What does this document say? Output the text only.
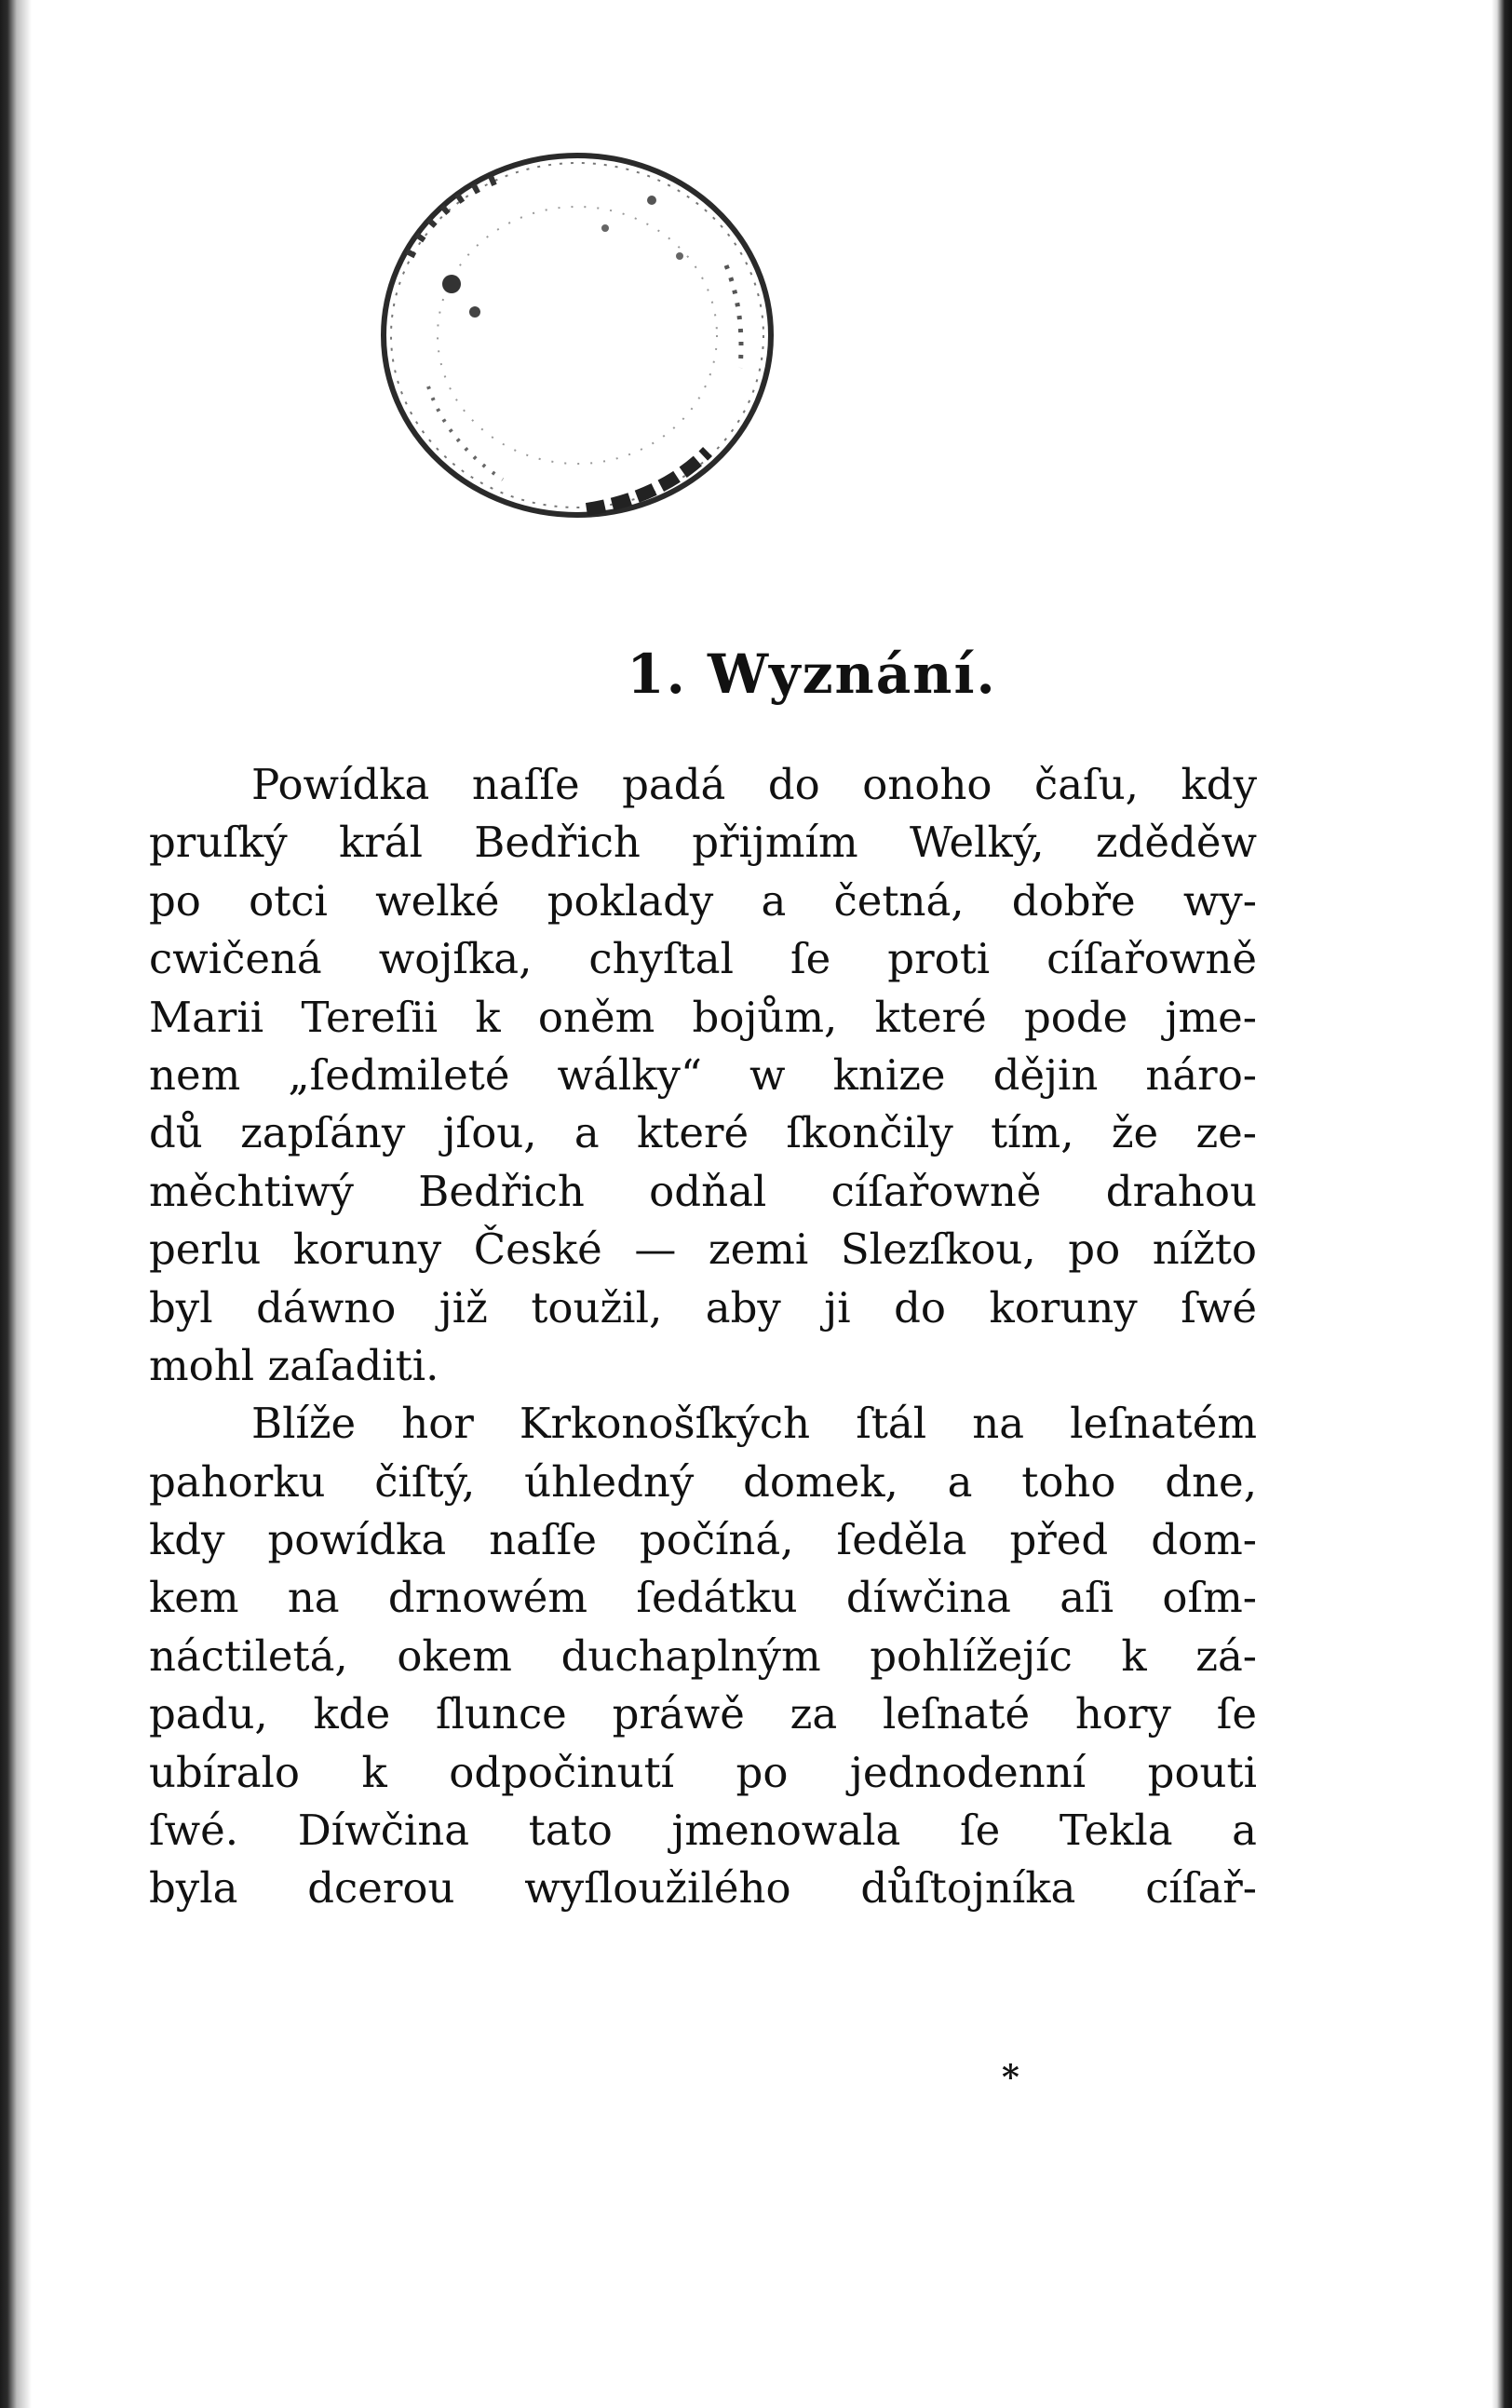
1. Wyznání.
Powídka naſſe padá do onoho čaſu, kdy
pruſký král Bedřich přijmím Welký, zděděw
po otci welké poklady a četná, dobře wy-
cwičená wojſka, chyſtal ſe proti cíſařowně
Marii Tereſii k oněm bojům, které pode jme-
nem „ſedmileté wálky“ w knize dějin náro-
dů zapſány jſou, a které ſkončily tím, že ze-
měchtiwý Bedřich odňal cíſařowně drahou
perlu koruny České — zemi Slezſkou, po nížto
byl dáwno již toužil, aby ji do koruny ſwé
mohl zaſaditi.
Blíže hor Krkonošſkých ſtál na leſnatém
pahorku čiſtý, úhledný domek, a toho dne,
kdy powídka naſſe počíná, ſeděla před dom-
kem na drnowém ſedátku díwčina aſi oſm-
náctiletá, okem duchaplným pohlížejíc k zá-
padu, kde ſlunce práwě za leſnaté hory ſe
ubíralo k odpočinutí po jednodenní pouti
ſwé. Díwčina tato jmenowala ſe Tekla a
byla dcerou wyſloužilého důſtojníka cíſař-
*
